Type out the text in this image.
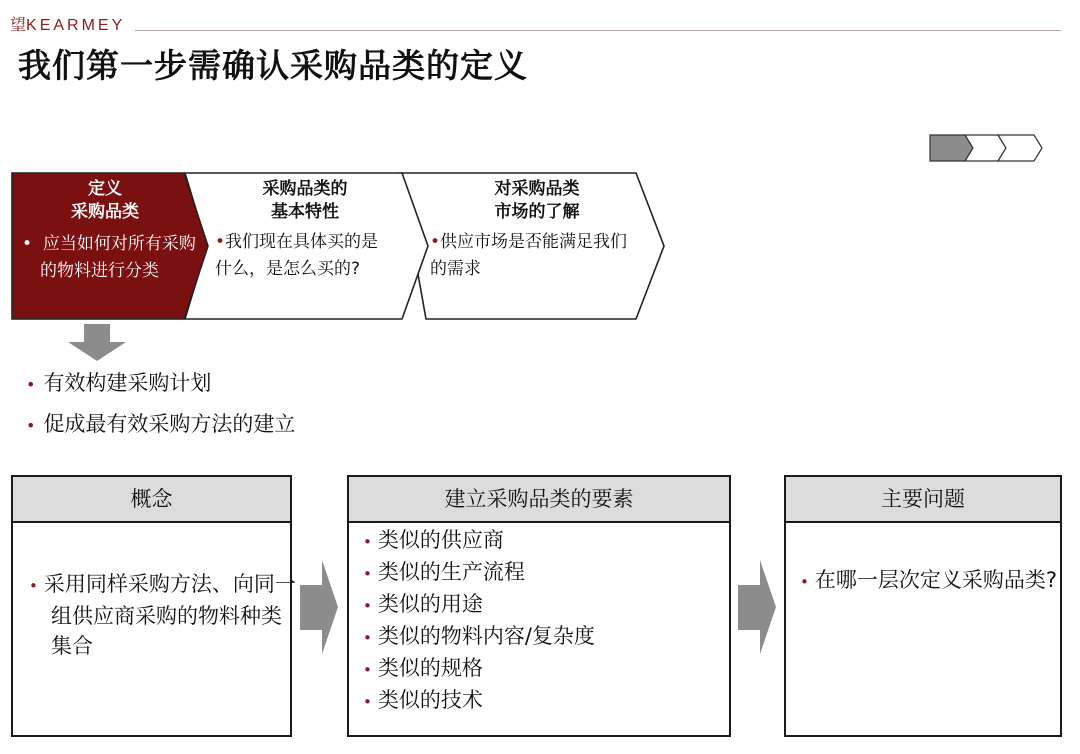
望KEARMEY
我们第一步需确认采购品类的定义
定义
采购品类
•  应当如何对所有采购的物料进行分类
采购品类的
基本特性
•我们现在具体买的是什么，是怎么买的?
对采购品类
市场的了解
•供应市场是否能满足我们的需求
• 有效构建采购计划
• 促成最有效采购方法的建立
概念
• 采用同样采购方法、向同一组供应商采购的物料种类集合
建立采购品类的要素
• 类似的供应商
• 类似的生产流程
• 类似的用途
• 类似的物料内容/复杂度
• 类似的规格
• 类似的技术
主要问题
• 在哪一层次定义采购品类?
